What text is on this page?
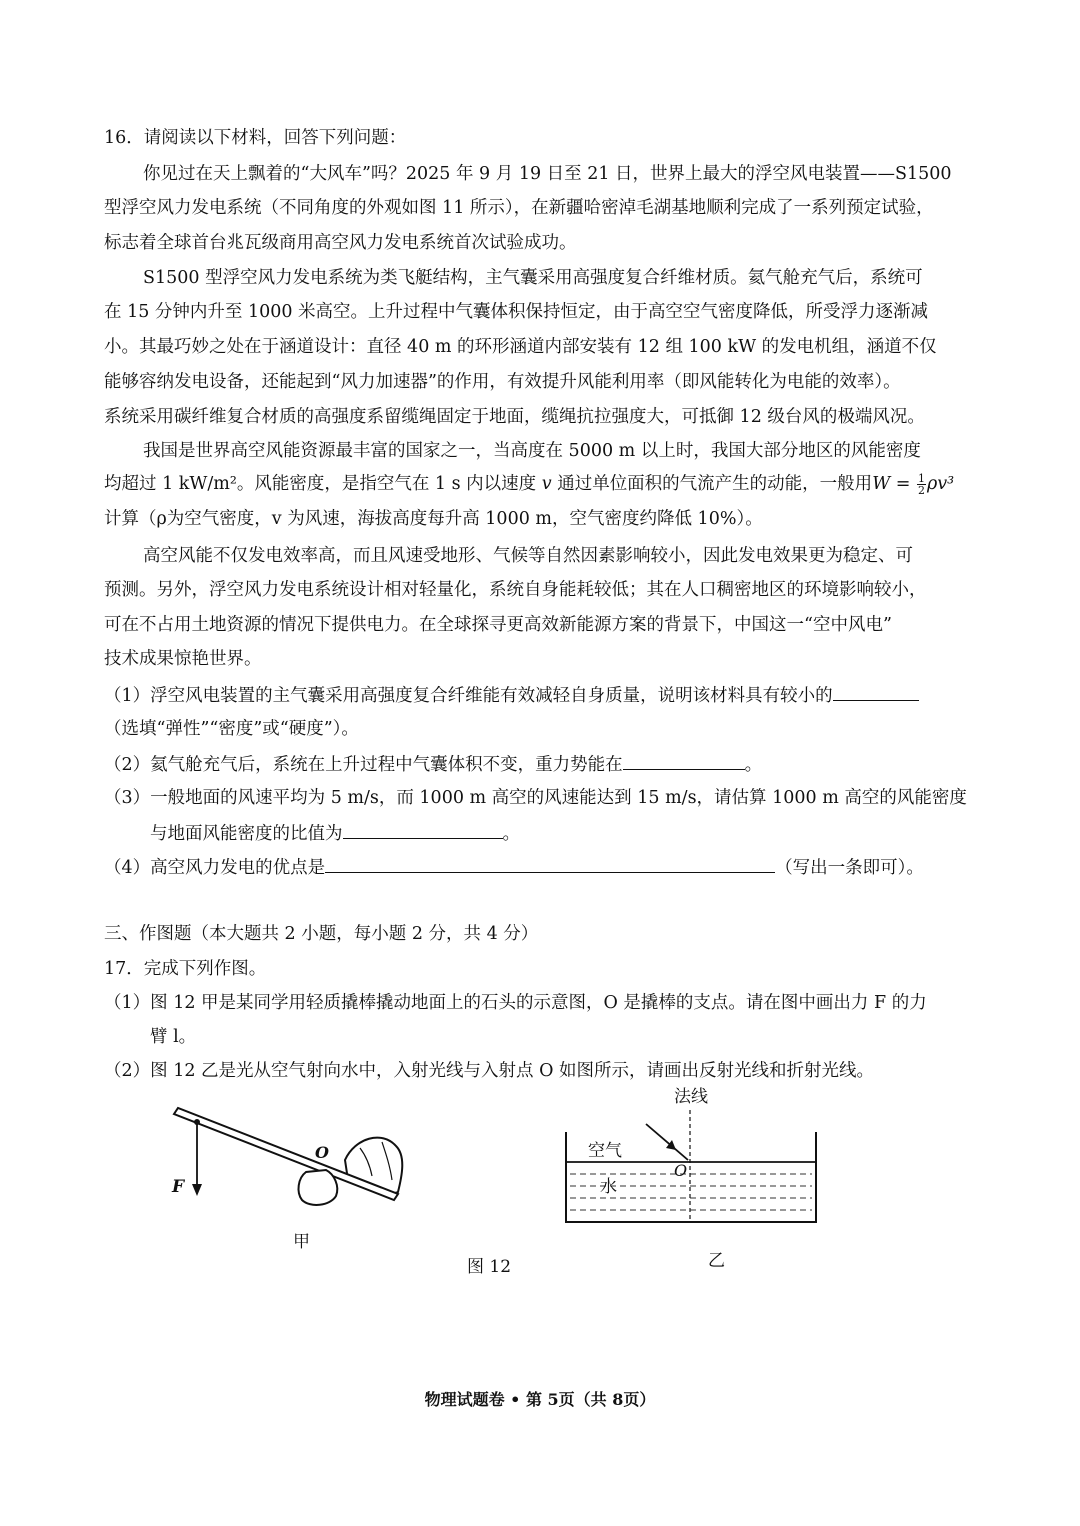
16．请阅读以下材料，回答下列问题：
你见过在天上飘着的“大风车”吗？2025 年 9 月 19 日至 21 日，世界上最大的浮空风电装置——S1500
型浮空风力发电系统（不同角度的外观如图 11 所示），在新疆哈密淖毛湖基地顺利完成了一系列预定试验，
标志着全球首台兆瓦级商用高空风力发电系统首次试验成功。
S1500 型浮空风力发电系统为类飞艇结构，主气囊采用高强度复合纤维材质。氦气舱充气后，系统可
在 15 分钟内升至 1000 米高空。上升过程中气囊体积保持恒定，由于高空空气密度降低，所受浮力逐渐减
小。其最巧妙之处在于涵道设计：直径 40 m 的环形涵道内部安装有 12 组 100 kW 的发电机组，涵道不仅
能够容纳发电设备，还能起到“风力加速器”的作用，有效提升风能利用率（即风能转化为电能的效率）。
系统采用碳纤维复合材质的高强度系留缆绳固定于地面，缆绳抗拉强度大，可抵御 12 级台风的极端风况。
我国是世界高空风能资源最丰富的国家之一，当高度在 5000 m 以上时，我国大部分地区的风能密度
均超过 1 kW/m²。风能密度，是指空气在 1 s 内以速度 v 通过单位面积的气流产生的动能，一般用$W = \frac{1}{2} \rho v^3$
计算（ρ为空气密度，v 为风速，海拔高度每升高 1000 m，空气密度约降低 10%）。
高空风能不仅发电效率高，而且风速受地形、气候等自然因素影响较小，因此发电效果更为稳定、可
预测。另外，浮空风力发电系统设计相对轻量化，系统自身能耗较低；其在人口稠密地区的环境影响较小，
可在不占用土地资源的情况下提供电力。在全球探寻更高效新能源方案的背景下，中国这一“空中风电”
技术成果惊艳世界。
（1）浮空风电装置的主气囊采用高强度复合纤维能有效减轻自身质量，说明该材料具有较小的
（选填“弹性”“密度”或“硬度”）。
（2）氦气舱充气后，系统在上升过程中气囊体积不变，重力势能在	。
（3）一般地面的风速平均为 5 m/s，而 1000 m 高空的风速能达到 15 m/s，请估算 1000 m 高空的风能密度
与地面风能密度的比值为	。
（4）高空风力发电的优点是	（写出一条即可）。
三、作图题（本大题共 2 小题，每小题 2 分，共 4 分）
17．完成下列作图。
（1）图 12 甲是某同学用轻质撬棒撬动地面上的石头的示意图，O 是撬棒的支点。请在图中画出力 F 的力
臂 l。
（2）图 12 乙是光从空气射向水中，入射光线与入射点 O 如图所示，请画出反射光线和折射光线。
F
O
甲
法线
空气
水
O
乙
图 12
物理试题卷 • 第 5页（共 8页）
